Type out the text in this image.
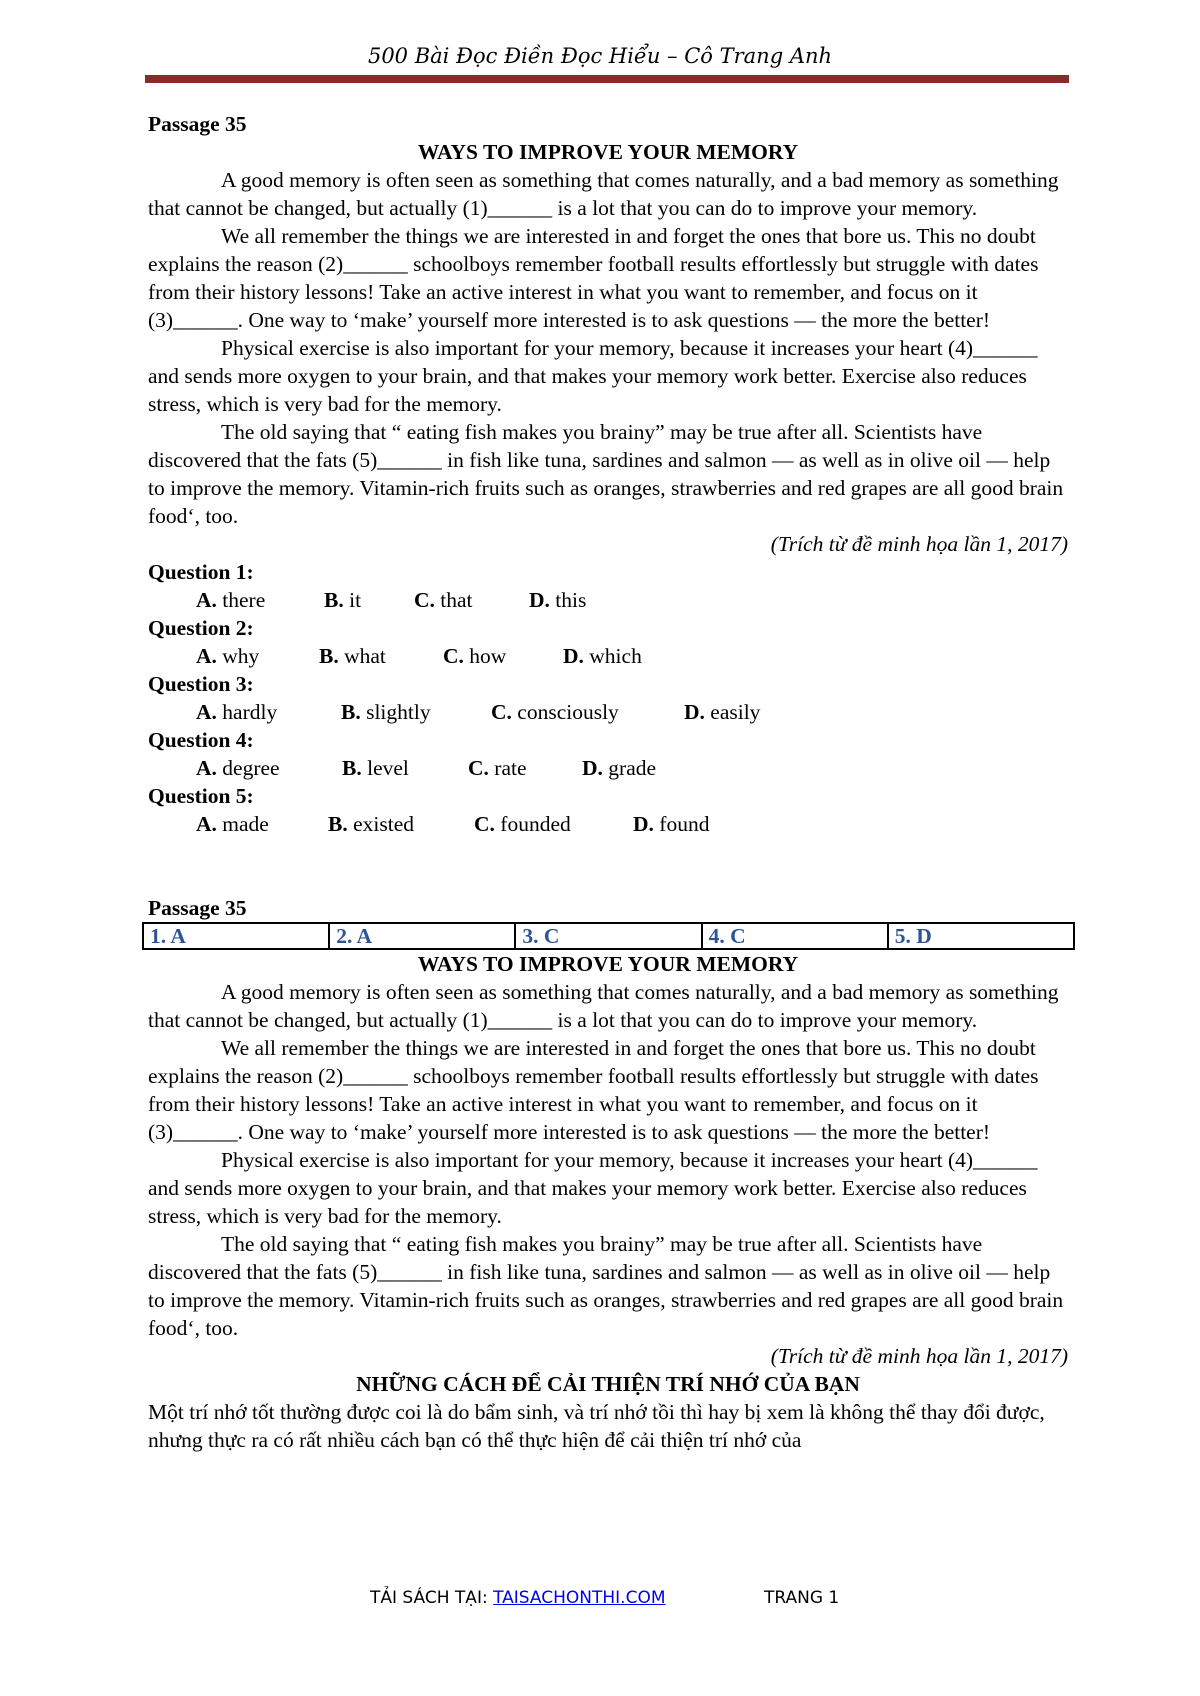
500 Bài Đọc Điền Đọc Hiểu – Cô Trang Anh
Passage 35
WAYS TO IMPROVE YOUR MEMORY

A good memory is often seen as something that comes naturally, and a bad memory as something that cannot be changed, but actually (1)______ is a lot that you can do to improve your memory.

We all remember the things we are interested in and forget the ones that bore us. This no doubt explains the reason (2)______ schoolboys remember football results effortlessly but struggle with dates from their history lessons! Take an active interest in what you want to remember, and focus on it (3)______. One way to ‘make’ yourself more interested is to ask questions — the more the better!

Physical exercise is also important for your memory, because it increases your heart (4)______ and sends more oxygen to your brain, and that makes your memory work better. Exercise also reduces stress, which is very bad for the memory.

The old saying that “ eating fish makes you brainy” may be true after all. Scientists have discovered that the fats (5)______ in fish like tuna, sardines and salmon — as well as in olive oil — help to improve the memory. Vitamin-rich fruits such as oranges, strawberries and red grapes are all good brain food‘, too.

(Trích từ đề minh họa lần 1, 2017)
Question 1:
A. there	B. it	C. that	D. this
Question 2:
A. why	B. what	C. how	D. which
Question 3:
A. hardly	B. slightly	C. consciously	D. easily
Question 4:
A. degree	B. level	C. rate	D. grade
Question 5:
A. made	B. existed	C. founded	D. found
Passage 35
1. A	2. A	3. C	4. C	5. D
WAYS TO IMPROVE YOUR MEMORY

A good memory is often seen as something that comes naturally, and a bad memory as something that cannot be changed, but actually (1)______ is a lot that you can do to improve your memory.

We all remember the things we are interested in and forget the ones that bore us. This no doubt explains the reason (2)______ schoolboys remember football results effortlessly but struggle with dates from their history lessons! Take an active interest in what you want to remember, and focus on it (3)______. One way to ‘make’ yourself more interested is to ask questions — the more the better!

Physical exercise is also important for your memory, because it increases your heart (4)______ and sends more oxygen to your brain, and that makes your memory work better. Exercise also reduces stress, which is very bad for the memory.

The old saying that “ eating fish makes you brainy” may be true after all. Scientists have discovered that the fats (5)______ in fish like tuna, sardines and salmon — as well as in olive oil — help to improve the memory. Vitamin-rich fruits such as oranges, strawberries and red grapes are all good brain food‘, too.

(Trích từ đề minh họa lần 1, 2017)
NHỮNG CÁCH ĐỂ CẢI THIỆN TRÍ NHỚ CỦA BẠN
Một trí nhớ tốt thường được coi là do bẩm sinh, và trí nhớ tồi thì hay bị xem là không thể thay đổi được, nhưng thực ra có rất nhiều cách bạn có thể thực hiện để cải thiện trí nhớ của
TẢI SÁCH TẠI: TAISACHONTHI.COM	TRANG 1
